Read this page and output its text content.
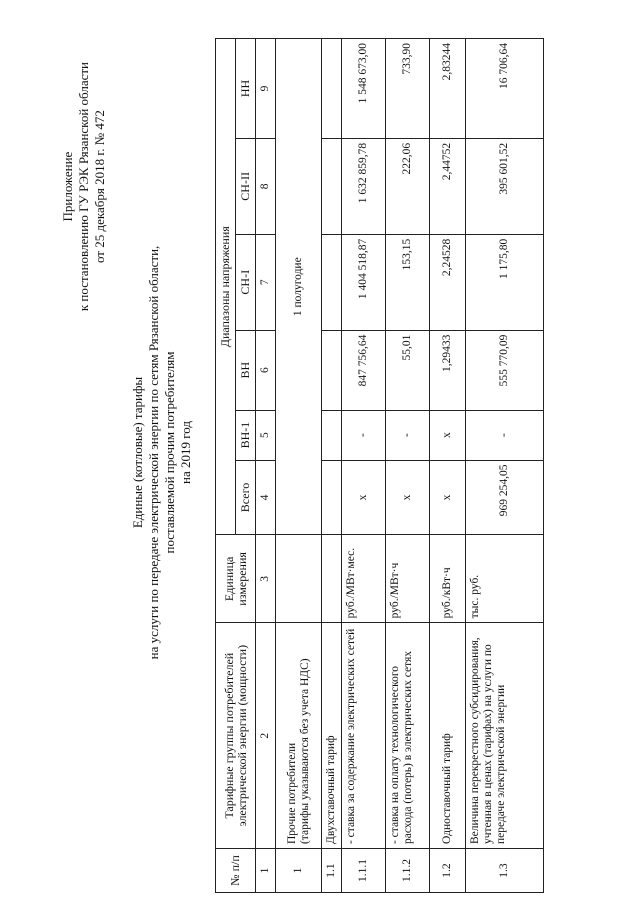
Приложение к постановлению ГУ РЭК Рязанской области от 25 декабря 2018 г. № 472
Единые (котловые) тарифы на услуги по передаче электрической энергии по сетям Рязанской области, поставляемой прочим потребителям на 2019 год
№ п/п	Тарифные группы потребителей электрической энергии (мощности)	Единица измерения	Диапазоны напряжения					
			Всего	ВН-1	ВН	СН-I	СН-II	НН
1	2	3	4	5	6	7	8	9
1	Прочие потребители (тарифы указываются без учета НДС)		1 полугодие					
1.1	Двухставочный тариф							
1.1.1	- ставка за содержание электрических сетей	руб./МВт·мес.	х	-	847 756,64	1 404 518,87	1 632 859,78	1 548 673,00
1.1.2	- ставка на оплату технологического расхода (потерь) в электрических сетях	руб./МВт·ч	х	-	55,01	153,15	222,06	733,90
1.2	Одноставочный тариф	руб./кВт·ч	х	х	1,29433	2,24528	2,44752	2,83244
1.3	Величина перекрестного субсидирования, учтенная в ценах (тарифах) на услуги по передаче электрической энергии	тыс. руб.	969 254,05	-	555 770,09	1 175,80	395 601,52	16 706,64
